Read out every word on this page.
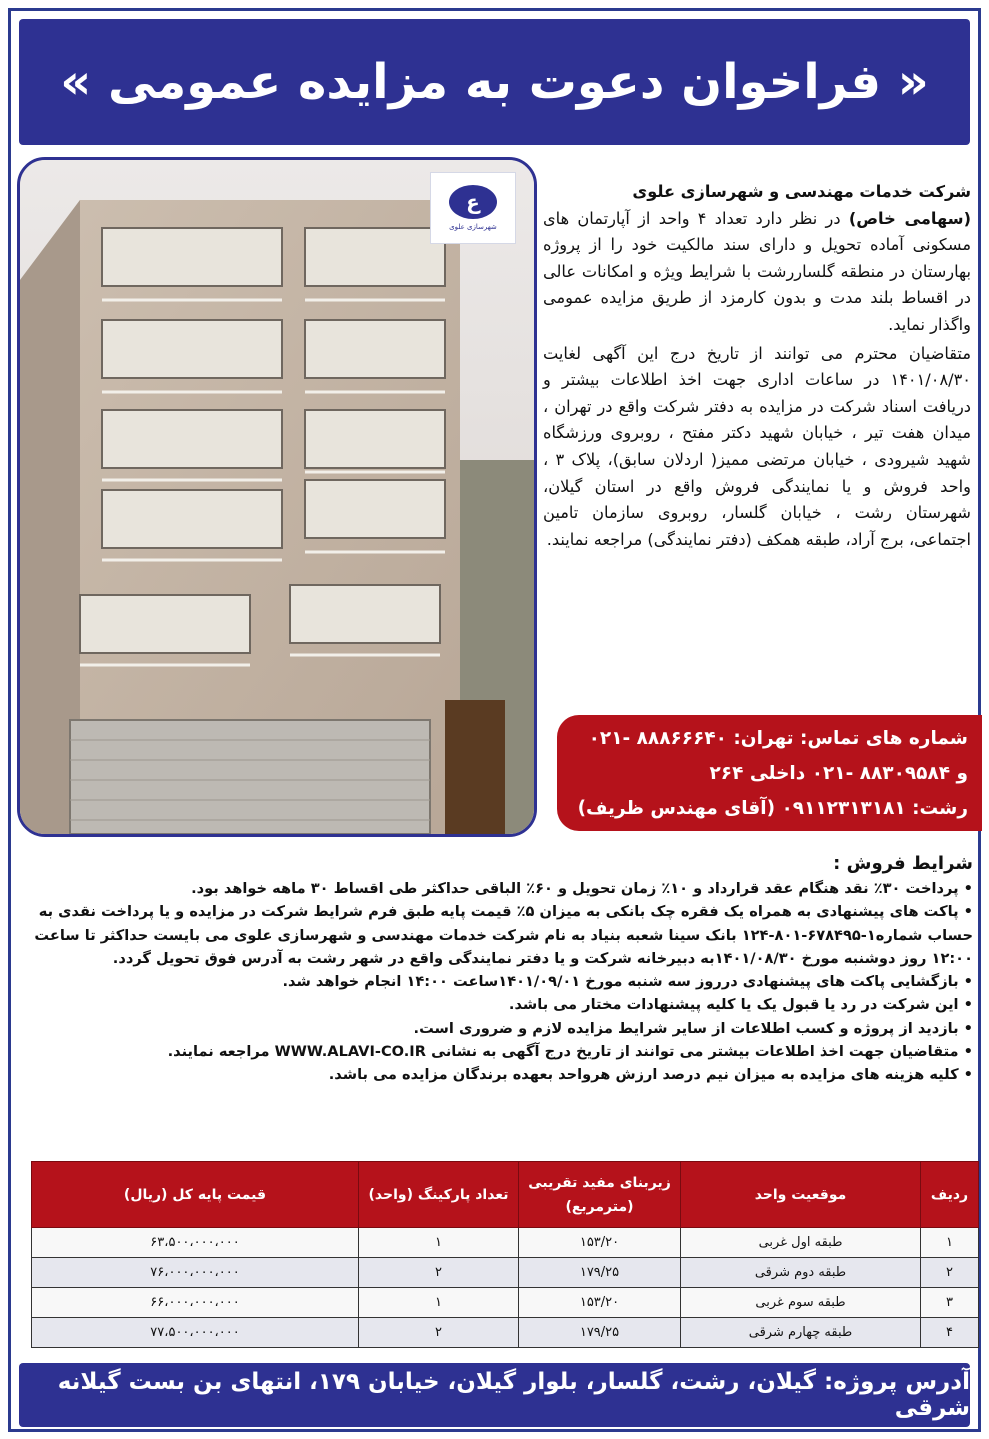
« فراخوان دعوت به مزایده عمومی »
ع
شهرسازی علوی

شرکت خدمات مهندسی و شهرسازی علوی
(سهامی خاص) در نظر دارد تعداد ۴ واحد از آپارتمان های مسکونی آماده تحویل و دارای سند مالکیت خود را از پروژه بهارستان در منطقه گلساررشت با شرایط ویژه و امکانات عالی در اقساط بلند مدت و بدون کارمزد از طریق مزایده عمومی واگذار نماید.

متقاضیان محترم می توانند از تاریخ درج این آگهی لغایت ۱۴۰۱/۰۸/۳۰ در ساعات اداری جهت اخذ اطلاعات بیشتر و دریافت اسناد شرکت در مزایده به دفتر شرکت واقع در تهران ، میدان هفت تیر ، خیابان شهید دکتر مفتح ، روبروی ورزشگاه شهید شیرودی ، خیابان مرتضی ممیز( اردلان سابق)، پلاک ۳ ، واحد فروش و یا نمایندگی فروش واقع در استان گیلان، شهرستان رشت ، خیابان گلسار، روبروی سازمان تامین اجتماعی، برج آراد، طبقه همکف (دفتر نمایندگی) مراجعه نمایند.

شماره های تماس: تهران: ۸۸۸۶۶۶۴۰ -۰۲۱
و ۸۸۳۰۹۵۸۴ -۰۲۱ داخلی ۲۶۴
رشت: ۰۹۱۱۲۳۱۳۱۸۱ (آقای مهندس ظریف)
شرایط فروش :
• پرداخت ۳۰٪ نقد هنگام عقد قرارداد و ۱۰٪ زمان تحویل و ۶۰٪ الباقی حداکثر طی اقساط ۳۰ ماهه خواهد بود.
• پاکت های پیشنهادی به همراه یک فقره چک بانکی به میزان ۵٪ قیمت پایه طبق فرم شرایط شرکت در مزایده و یا پرداخت نقدی به حساب شماره۱-۶۷۸۴۹۵-۸۰۱-۱۲۴ بانک سینا شعبه بنیاد به نام شرکت خدمات مهندسی و شهرسازی علوی می بایست حداکثر تا ساعت ۱۲:۰۰ روز دوشنبه مورخ ۱۴۰۱/۰۸/۳۰به دبیرخانه شرکت و یا دفتر نمایندگی واقع در شهر رشت به آدرس فوق تحویل گردد.
• بازگشایی پاکت های پیشنهادی درروز سه شنبه مورخ ۱۴۰۱/۰۹/۰۱ساعت ۱۴:۰۰ انجام خواهد شد.
• این شرکت در رد یا قبول یک یا کلیه پیشنهادات مختار می باشد.
• بازدید از پروژه و کسب اطلاعات از سایر شرایط مزایده لازم و ضروری است.
• متقاضیان جهت اخذ اطلاعات بیشتر می توانند از تاریخ درج آگهی به نشانی WWW.ALAVI-CO.IR مراجعه نمایند.
• کلیه هزینه های مزایده به میزان نیم درصد ارزش هرواحد بعهده برندگان مزایده می باشد.
ردیف	موقعیت واحد	زیربنای مفید تقریبی (مترمربع)	تعداد پارکینگ (واحد)	قیمت پایه کل (ریال)
۱	طبقه اول غربی	۱۵۳/۲۰	۱	۶۳،۵۰۰،۰۰۰،۰۰۰
۲	طبقه دوم شرقی	۱۷۹/۲۵	۲	۷۶،۰۰۰،۰۰۰،۰۰۰
۳	طبقه سوم غربی	۱۵۳/۲۰	۱	۶۶،۰۰۰،۰۰۰،۰۰۰
۴	طبقه چهارم شرقی	۱۷۹/۲۵	۲	۷۷،۵۰۰،۰۰۰،۰۰۰
آدرس پروژه: گیلان، رشت، گلسار، بلوار گیلان، خیابان ۱۷۹، انتهای بن بست گیلانه شرقی
